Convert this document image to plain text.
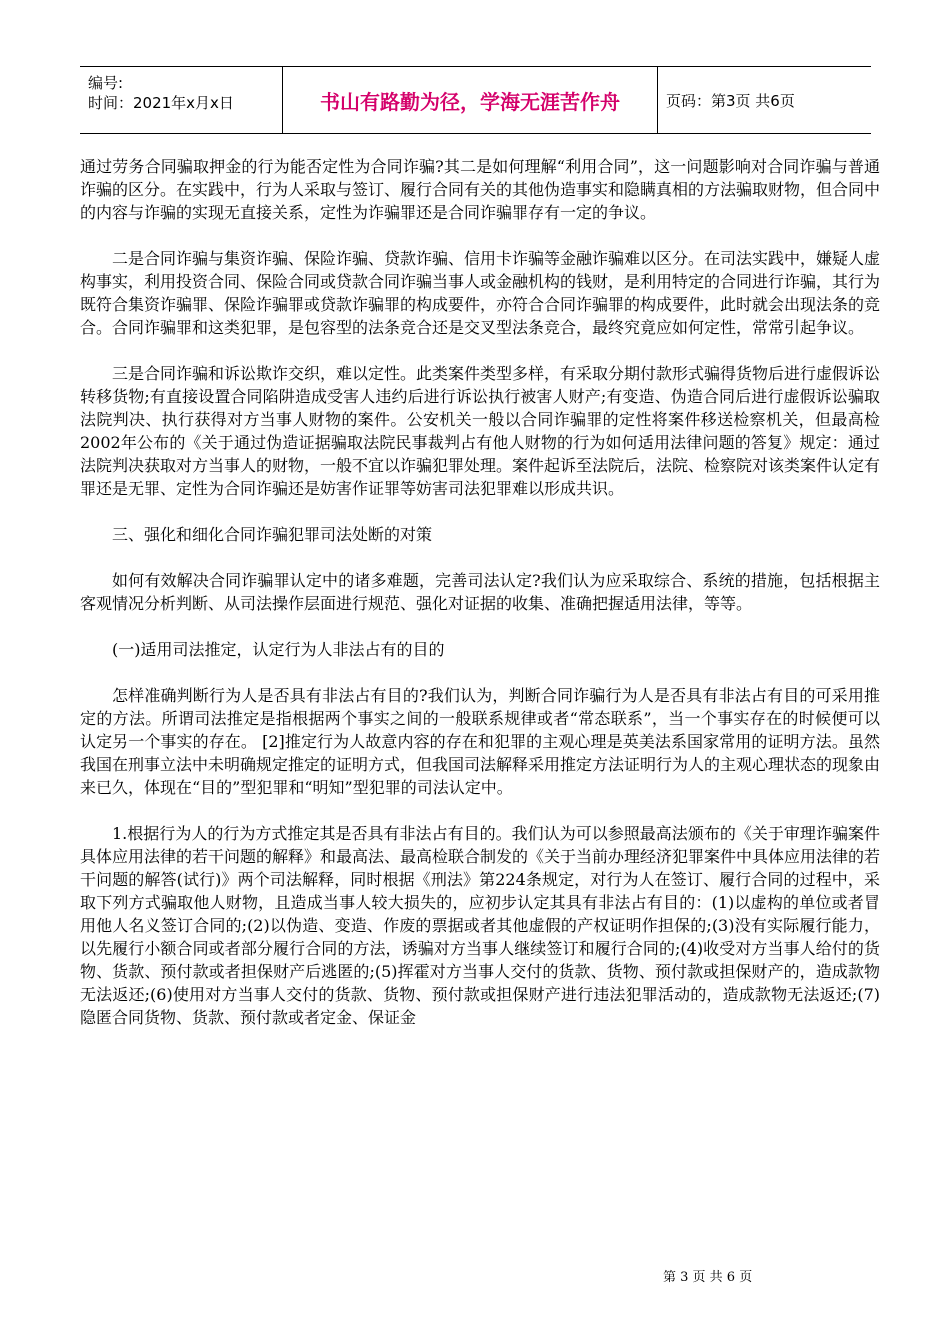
编号:
时间：2021年x月x日	书山有路勤为径，学海无涯苦作舟	页码：第3页 共6页

通过劳务合同骗取押金的行为能否定性为合同诈骗?其二是如何理解“利用合同”，这一问题影响对合同诈骗与普通诈骗的区分。在实践中，行为人采取与签订、履行合同有关的其他伪造事实和隐瞒真相的方法骗取财物，但合同中的内容与诈骗的实现无直接关系，定性为诈骗罪还是合同诈骗罪存有一定的争议。

二是合同诈骗与集资诈骗、保险诈骗、贷款诈骗、信用卡诈骗等金融诈骗难以区分。在司法实践中，嫌疑人虚构事实，利用投资合同、保险合同或贷款合同诈骗当事人或金融机构的钱财，是利用特定的合同进行诈骗，其行为既符合集资诈骗罪、保险诈骗罪或贷款诈骗罪的构成要件，亦符合合同诈骗罪的构成要件，此时就会出现法条的竞合。合同诈骗罪和这类犯罪，是包容型的法条竞合还是交叉型法条竞合，最终究竟应如何定性，常常引起争议。

三是合同诈骗和诉讼欺诈交织，难以定性。此类案件类型多样，有采取分期付款形式骗得货物后进行虚假诉讼转移货物;有直接设置合同陷阱造成受害人违约后进行诉讼执行被害人财产;有变造、伪造合同后进行虚假诉讼骗取法院判决、执行获得对方当事人财物的案件。公安机关一般以合同诈骗罪的定性将案件移送检察机关，但最高检2002年公布的《关于通过伪造证据骗取法院民事裁判占有他人财物的行为如何适用法律问题的答复》规定：通过法院判决获取对方当事人的财物，一般不宜以诈骗犯罪处理。案件起诉至法院后，法院、检察院对该类案件认定有罪还是无罪、定性为合同诈骗还是妨害作证罪等妨害司法犯罪难以形成共识。

三、强化和细化合同诈骗犯罪司法处断的对策

如何有效解决合同诈骗罪认定中的诸多难题，完善司法认定?我们认为应采取综合、系统的措施，包括根据主客观情况分析判断、从司法操作层面进行规范、强化对证据的收集、准确把握适用法律，等等。

(一)适用司法推定，认定行为人非法占有的目的

怎样准确判断行为人是否具有非法占有目的?我们认为，判断合同诈骗行为人是否具有非法占有目的可采用推定的方法。所谓司法推定是指根据两个事实之间的一般联系规律或者“常态联系”，当一个事实存在的时候便可以认定另一个事实的存在。 [2]推定行为人故意内容的存在和犯罪的主观心理是英美法系国家常用的证明方法。虽然我国在刑事立法中未明确规定推定的证明方式，但我国司法解释采用推定方法证明行为人的主观心理状态的现象由来已久，体现在“目的”型犯罪和“明知”型犯罪的司法认定中。

1.根据行为人的行为方式推定其是否具有非法占有目的。我们认为可以参照最高法颁布的《关于审理诈骗案件具体应用法律的若干问题的解释》和最高法、最高检联合制发的《关于当前办理经济犯罪案件中具体应用法律的若干问题的解答(试行)》两个司法解释，同时根据《刑法》第224条规定，对行为人在签订、履行合同的过程中，采取下列方式骗取他人财物，且造成当事人较大损失的，应初步认定其具有非法占有目的：(1)以虚构的单位或者冒用他人名义签订合同的;(2)以伪造、变造、作废的票据或者其他虚假的产权证明作担保的;(3)没有实际履行能力，以先履行小额合同或者部分履行合同的方法，诱骗对方当事人继续签订和履行合同的;(4)收受对方当事人给付的货物、货款、预付款或者担保财产后逃匿的;(5)挥霍对方当事人交付的货款、货物、预付款或担保财产的，造成款物无法返还;(6)使用对方当事人交付的货款、货物、预付款或担保财产进行违法犯罪活动的，造成款物无法返还;(7)隐匿合同货物、货款、预付款或者定金、保证金

第 3 页 共 6 页
